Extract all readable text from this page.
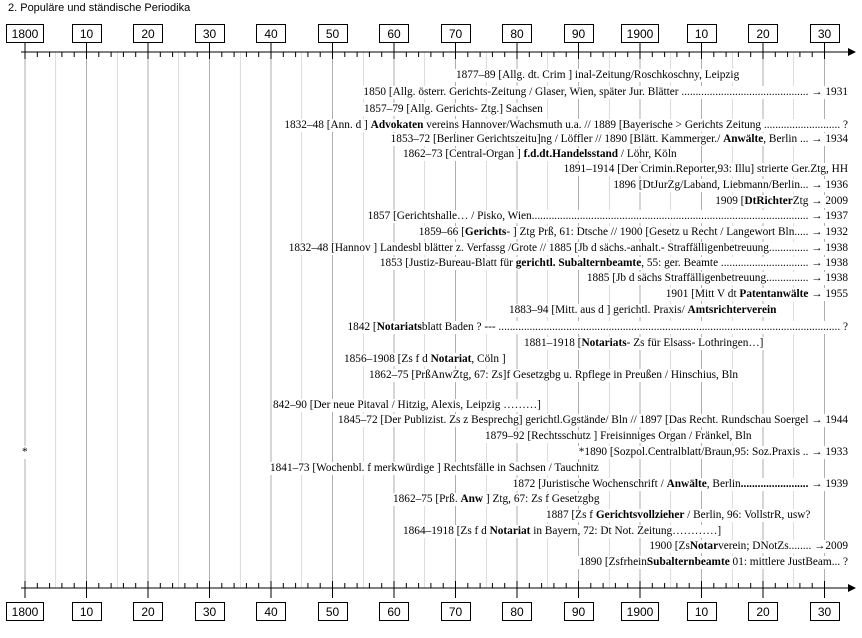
2. Populäre und ständische Periodika
1800	10	20	30	40	50	60	70	80	90	1900	10	20	30
1800	10	20	30	40	50	60	70	80	90	1900	10	20	30
1877–89 [Allg. dt. Crim ] inal-Zeitung/Roschkoschny, Leipzig
1850 [Allg. österr. Gerichts-Zeitung / Glaser, Wien, später Jur. Blätter ............................................. → 1931
1857–79 [Allg. Gerichts- Ztg.] Sachsen
1832–48 [Ann. d ] Advokaten vereins Hannover/Wachsmuth u.a. // 1889 [Bayerische > Gerichts Zeitung ........................... ?
1853–72 [Berliner Gerichtszeitu]ng / Löffler // 1890 [Blätt. Kammerger./ Anwälte, Berlin ... → 1934
1862–73 [Central-Organ ] f.d.dt.Handelsstand / Löhr, Köln
1891–1914 [Der Crimin.Reporter,93: Illu] strierte Ger.Ztg, HH
1896 [DtJurZg/Laband, Liebmann/Berlin... → 1936
1909 [DtRichterZtg → 2009
1857 [Gerichtshalle… / Pisko, Wien.................................................................................................. → 1937
1859–66 [Gerichts- ] Ztg Prß, 61: Dtsche // 1900 [Gesetz u Recht / Langewort Bln..... → 1932
1832–48 [Hannov ] Landesbl blätter z. Verfassg /Grote // 1885 [Jb d sächs.-anhalt.- Straffälligenbetreuung.............. → 1938
1853 [Justiz-Bureau-Blatt für gerichtl. Subalternbeamte, 55: ger. Beamte ............................... → 1938
1885 [Jb d sächs Straffälligenbetreuung............... → 1938
1901 [Mitt V dt Patentanwälte → 1955
1883–94 [Mitt. aus d ] gerichtl. Praxis/ Amtsrichterverein
1842 [Notariatsblatt Baden ? --- ......................................................................................................................... ?
1881–1918 [Notariats- Zs für Elsass- Lothringen…]
1856–1908 [Zs f d Notariat, Cöln ]
1862–75 [PrßAnwZtg, 67: Zs]f Gesetzgbg u. Rpflege in Preußen / Hinschius, Bln
842–90 [Der neue Pitaval / Hitzig, Alexis, Leipzig ………]
1845–72 [Der Publizist. Zs z Besprechg] gerichtl.Ggstände/ Bln // 1897 [Das Recht. Rundschau Soergel → 1944
1879–92 [Rechtsschutz ] Freisinniges Organ / Fränkel, Bln
*	*1890 [Sozpol.Centralblatt/Braun,95: Soz.Praxis .. → 1933
1841–73 [Wochenbl. f merkwürdige ] Rechtsfälle in Sachsen / Tauchnitz
1872 [Juristische Wochenschrift / Anwälte, Berlin........................ → 1939
1862–75 [Prß. Anw ] Ztg, 67: Zs f Gesetzgbg
1887 [Zs f Gerichtsvollzieher / Berlin, 96: VollstrR, usw?
1864–1918 [Zs f d Notariat in Bayern, 72: Dt Not. Zeitung…………]
1900 [ZsNotarverein; DNotZs........ →2009
1890 [ZsfrheinSubalternbeamte 01: mittlere JustBeam... ?
